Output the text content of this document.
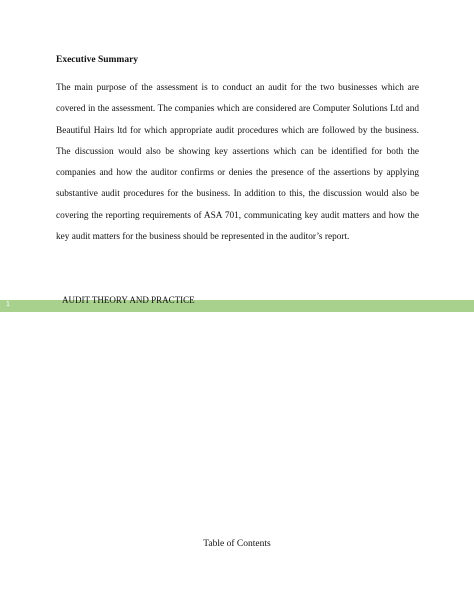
Executive Summary

The main purpose of the assessment is to conduct an audit for the two businesses which are covered in the assessment. The companies which are considered are Computer Solutions Ltd and Beautiful Hairs ltd for which appropriate audit procedures which are followed by the business. The discussion would also be showing key assertions which can be identified for both the companies and how the auditor confirms or denies the presence of the assertions by applying substantive audit procedures for the business. In addition to this, the discussion would also be covering the reporting requirements of ASA 701, communicating key audit matters and how the key audit matters for the business should be represented in the auditor’s report.

1	AUDIT THEORY AND PRACTICE
Table of Contents
